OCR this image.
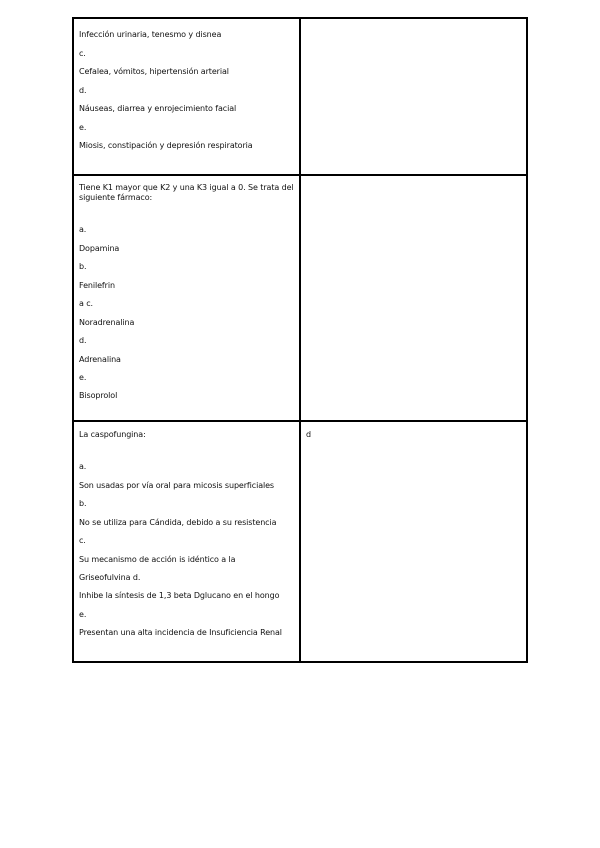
Infección urinaria, tenesmo y disnea
c.
Cefalea, vómitos, hipertensión arterial
d.
Náuseas, diarrea y enrojecimiento facial
e.
Miosis, constipación y depresión respiratoria
Tiene K1 mayor que K2 y una K3 igual a 0. Se trata del
siguiente fármaco:
a.
Dopamina
b.
Fenilefrin
a c.
Noradrenalina
d.
Adrenalina
e.
Bisoprolol
La caspofungina:
a.
Son usadas por vía oral para micosis superficiales
b.
No se utiliza para Cándida, debido a su resistencia
c.
Su mecanismo de acción is idéntico a la
Griseofulvina d.
Inhibe la síntesis de 1,3 beta Dglucano en el hongo
e.
Presentan una alta incidencia de Insuficiencia Renal
d
